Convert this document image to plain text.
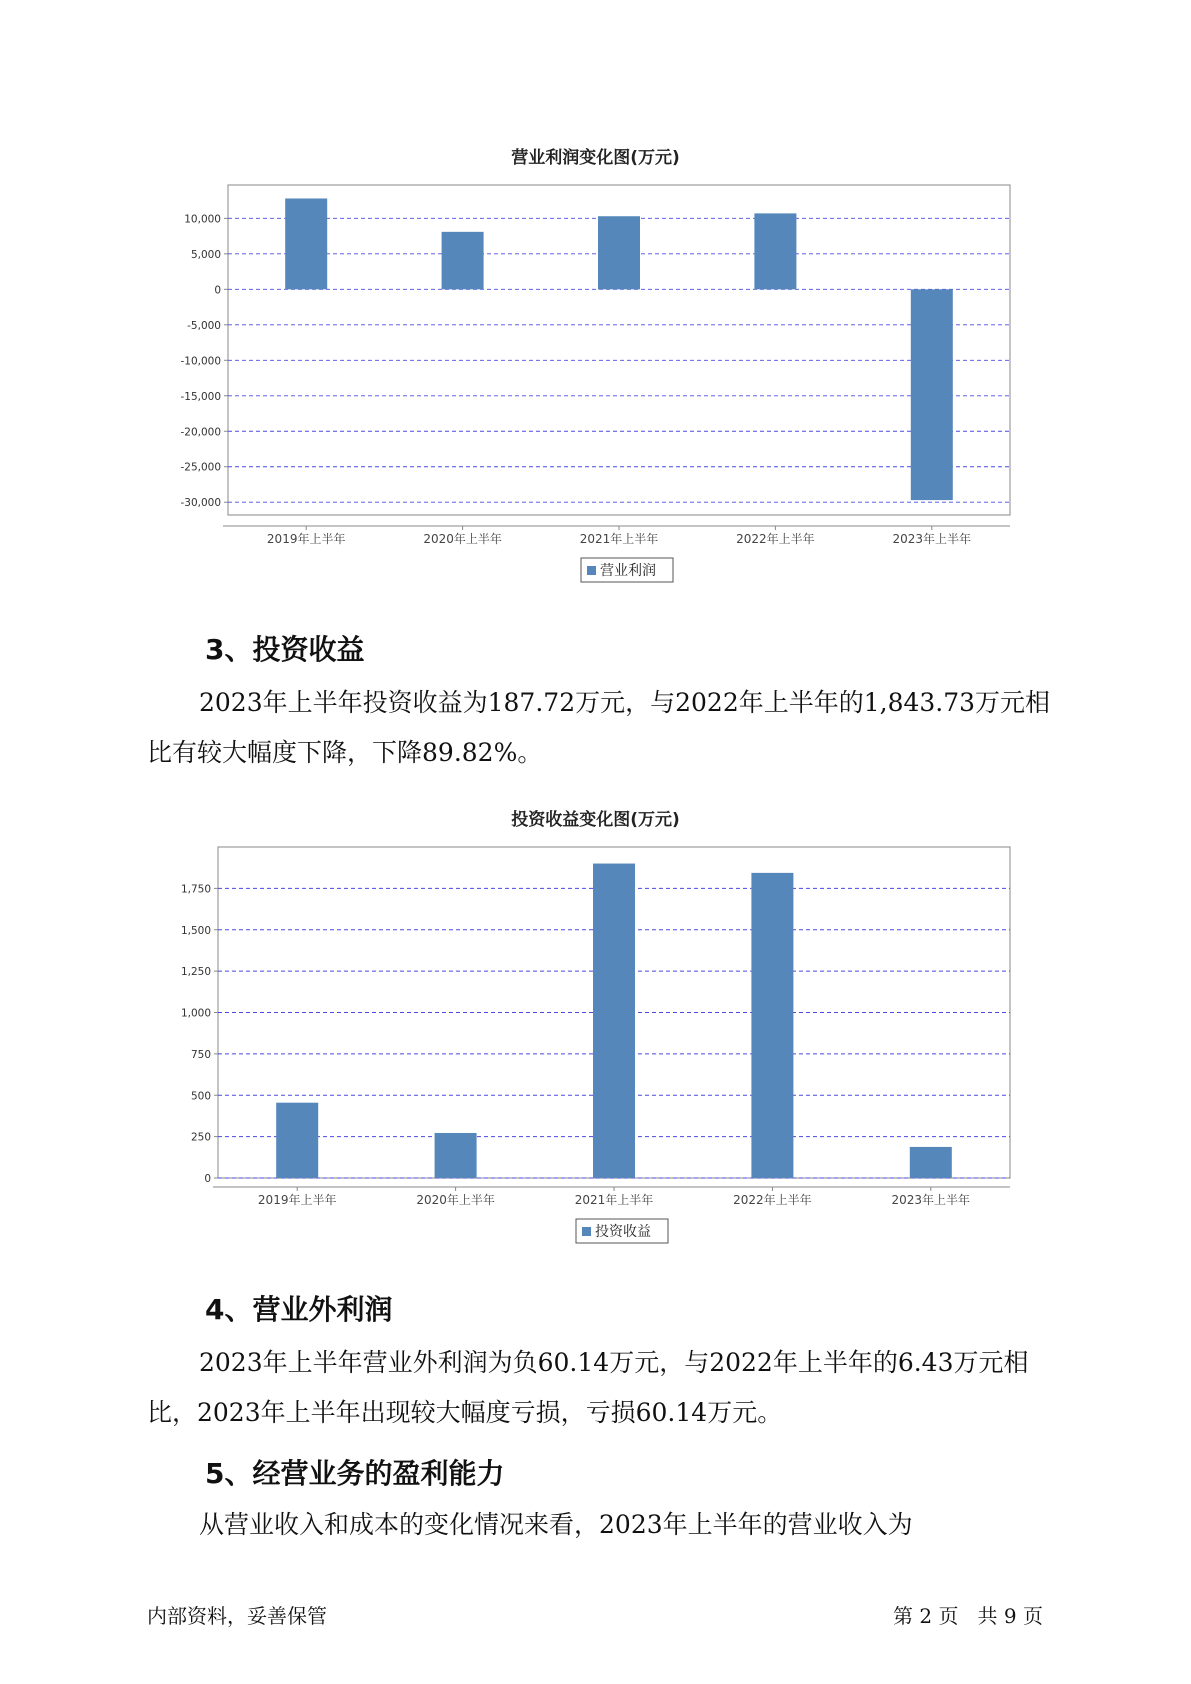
营业利润变化图(万元)
10,000
5,000
0
-5,000
-10,000
-15,000
-20,000
-25,000
-30,000
2019年上半年	2020年上半年	2021年上半年	2022年上半年	2023年上半年
营业利润
3、投资收益

2023年上半年投资收益为187.72万元，与2022年上半年的1,843.73万元相比有较大幅度下降，下降89.82%。

投资收益变化图(万元)
0
250
500
750
1,000
1,250
1,500
1,750
2019年上半年	2020年上半年	2021年上半年	2022年上半年	2023年上半年
投资收益
4、营业外利润

2023年上半年营业外利润为负60.14万元，与2022年上半年的6.43万元相比，2023年上半年出现较大幅度亏损，亏损60.14万元。

5、经营业务的盈利能力

从营业收入和成本的变化情况来看，2023年上半年的营业收入为

内部资料，妥善保管	第 2 页   共 9 页
